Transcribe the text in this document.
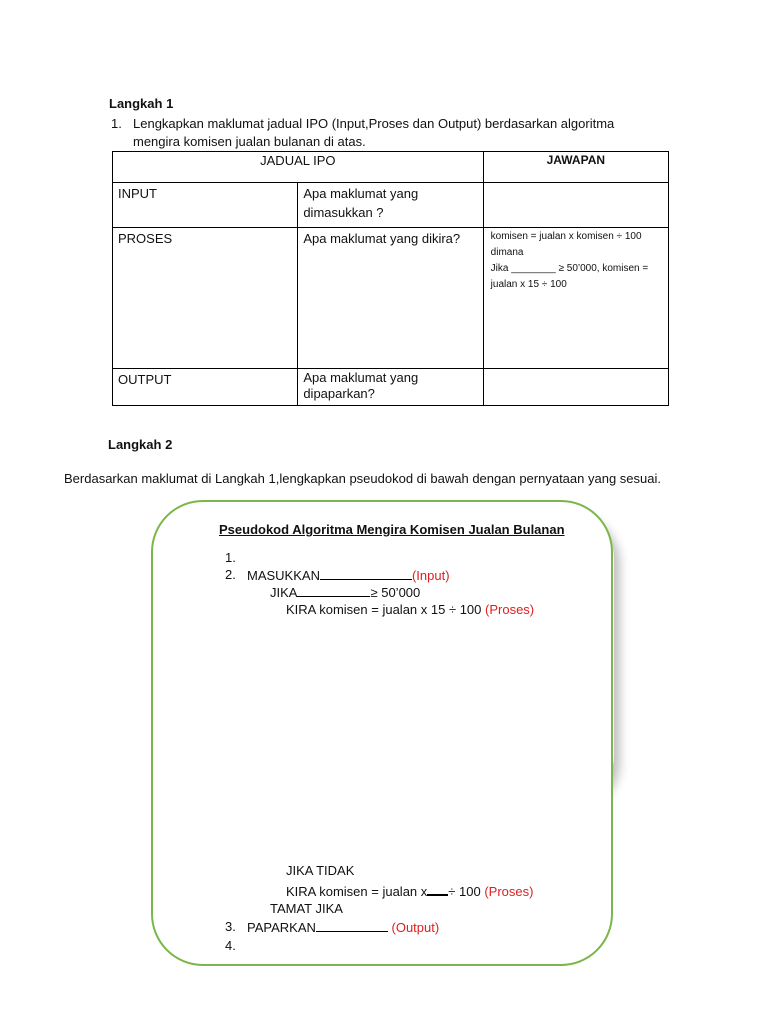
Langkah 1
1. Lengkapkan maklumat jadual IPO (Input,Proses dan Output) berdasarkan algoritma mengira komisen jualan bulanan di atas.
JADUAL IPO		JAWAPAN

INPUT	Apa maklumat yang dimasukkan ?	

PROSES	Apa maklumat yang dikira?	komisen = jualan x komisen ÷ 100
dimana
Jika ________ ≥ 50’000, komisen = jualan x 15 ÷ 100

OUTPUT	Apa maklumat yang dipaparkan?	

Langkah 2
Berdasarkan maklumat di Langkah 1,lengkapkan pseudokod di bawah dengan pernyataan yang sesuai.
Pseudokod Algoritma Mengira Komisen Jualan Bulanan
1.
2. MASUKKAN	(Input)
JIKA	≥ 50’000
KIRA komisen = jualan x 15 ÷ 100 (Proses)
JIKA TIDAK
KIRA komisen = jualan x ÷ 100 (Proses)
TAMAT JIKA
3. PAPARKAN	(Output)
4.
